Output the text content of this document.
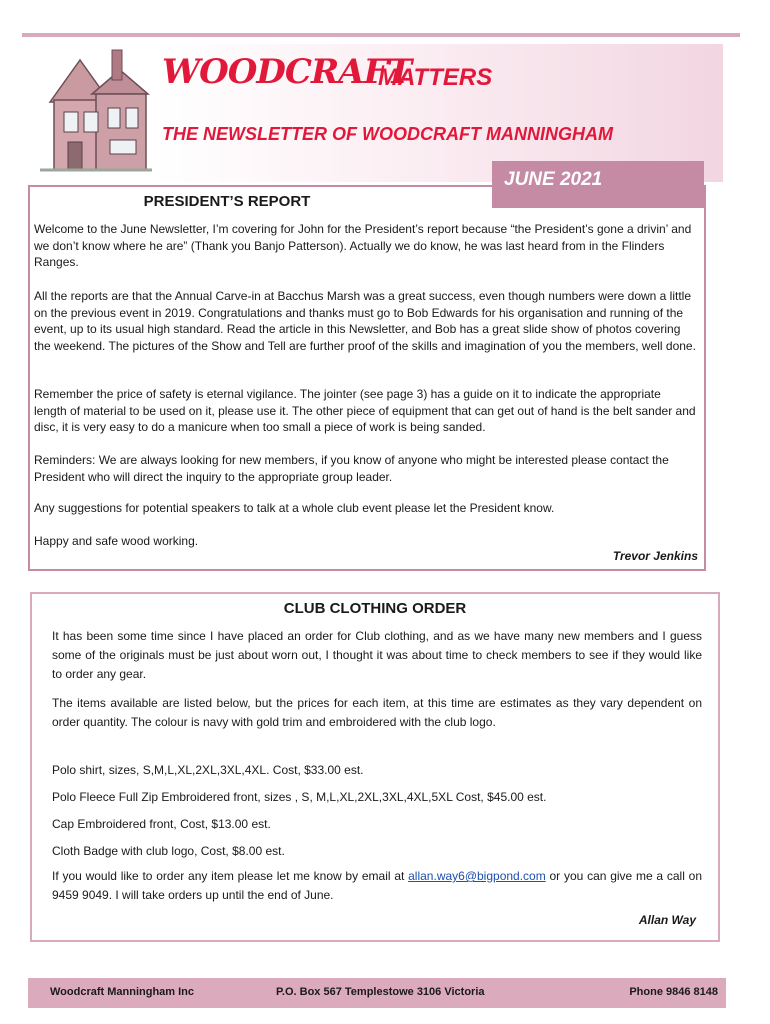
WOODCRAFT
MATTERS
THE NEWSLETTER OF WOODCRAFT MANNINGHAM
PRESIDENT’S REPORT
JUNE 2021

Welcome to the June Newsletter, I’m covering for John for the President’s report because “the President’s gone a drivin’ and we don’t know where he are” (Thank you Banjo Patterson). Actually we do know, he was last heard from in the Flinders Ranges.

All the reports are that the Annual Carve-in at Bacchus Marsh was a great success, even though numbers were down a little on the previous event in 2019. Congratulations and thanks must go to Bob Edwards for his organisation and running of the event, up to its usual high standard. Read the article in this Newsletter, and Bob has a great slide show of photos covering the weekend. The pictures of the Show and Tell are further proof of the skills and imagination of you the members, well done.

Remember the price of safety is eternal vigilance. The jointer (see page 3) has a guide on it to indicate the appropriate length of material to be used on it, please use it. The other piece of equipment that can get out of hand is the belt sander and disc, it is very easy to do a manicure when too small a piece of work is being sanded.

Reminders: We are always looking for new members, if you know of anyone who might be interested please contact the President who will direct the inquiry to the appropriate group leader.

Any suggestions for potential speakers to talk at a whole club event please let the President know.

Happy and safe wood working.

Trevor Jenkins
CLUB CLOTHING ORDER

It has been some time since I have placed an order for Club clothing, and as we have many new members and I guess some of the originals must be just about worn out, I thought it was about time to check members to see if they would like to order any gear.

The items available are listed below, but the prices for each item, at this time are estimates as they vary dependent on order quantity. The colour is navy with gold trim and embroidered with the club logo.

Polo shirt, sizes, S,M,L,XL,2XL,3XL,4XL. Cost, $33.00 est.

Polo Fleece Full Zip Embroidered front, sizes , S, M,L,XL,2XL,3XL,4XL,5XL Cost, $45.00 est.

Cap Embroidered front, Cost, $13.00 est.

Cloth Badge with club logo, Cost, $8.00 est.

If you would like to order any item please let me know by email at allan.way6@bigpond.com or you can give me a call on 9459 9049. I will take orders up until the end of June.

Allan Way
Woodcraft Manningham Inc	P.O. Box 567 Templestowe 3106 Victoria	Phone 9846 8148
